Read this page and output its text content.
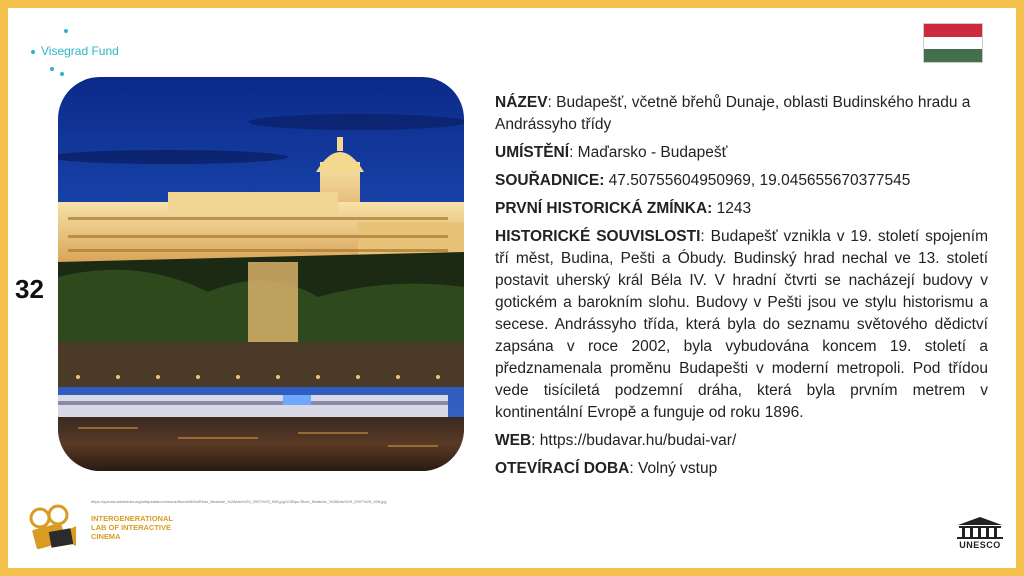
Visegrad Fund
32
https://upload.wikimedia.org/wikipedia/commons/thumb/5/5a/River_Beatrice_%28Arts%29_2007%29_008.jpg/1280px-River_Beatrice_%28Arts%29_2007%29_008.jpg

NÁZEV: Budapešť, včetně břehů Dunaje, oblasti Budinského hradu a Andrássyho třídy

UMÍSTĚNÍ: Maďarsko - Budapešť

SOUŘADNICE: 47.50755604950969, 19.045655670377545

PRVNÍ HISTORICKÁ ZMÍNKA: 1243

HISTORICKÉ SOUVISLOSTI: Budapešť vznikla v 19. století spojením tří měst, Budina, Pešti a Óbudy. Budinský hrad nechal ve 13. století postavit uherský král Béla IV. V hradní čtvrti se nacházejí budovy v gotickém a barokním slohu. Budovy v Pešti jsou ve stylu historismu a secese. Andrássyho třída, která byla do seznamu světového dědictví zapsána v roce 2002, byla vybudována koncem 19. století a předznamenala proměnu Budapešti v moderní metropoli. Pod třídou vede tisíciletá podzemní dráha, která byla prvním metrem v kontinentální Evropě a funguje od roku 1896.

WEB: https://budavar.hu/budai-var/

OTEVÍRACÍ DOBA: Volný vstup

INTERGENERATIONAL
LAB OF INTERACTIVE
CINEMA
UNESCO
